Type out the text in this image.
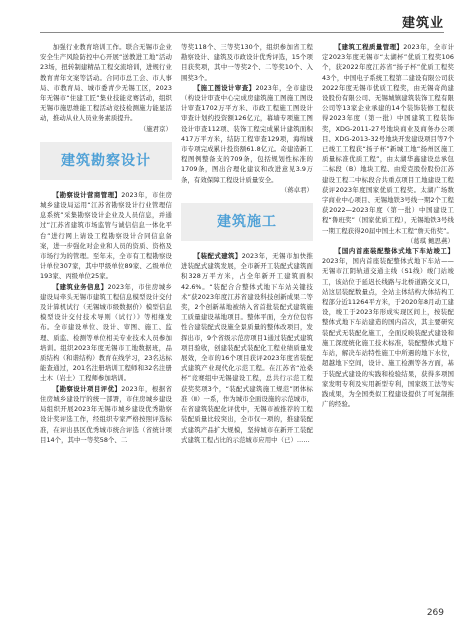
建筑业

加强行业教育培训工作。联合无锡市企业安全生产风险防控中心开展“送教进工地”活动23场，扭转制建精品工程交流培训，进规行业教育青年文案等活动。合同市总工会、市人事局、市教育局、城市委青少无锡工区，2023年无锡市“住建工匠”集业技能竞赛活动，组织无锡市施思维能工程活动竞技检测施力能显活动，推动从业人员业务素质提升。

（施君京）

建筑勘察设计

【勘察设计营商管理】2023年，市住房城乡建设局运用“江苏省勘察设计行业管理信息系统”采集勘察设计企业及人员信息，并通过“江苏省建筑市场监管与诚信信息一体化平台”进行网上请设工程勘察设计合同信息备案，进一步强化对企业和人员的资质、资格及市场行为的管理。至年末，全市有工程勘察设计单位307家，其中甲级单位89家、乙级单位193家、丙级单位25家。

【建筑业务信息】2023年，市住房城乡建设局牵头无锡市建筑工程信息模型设计交付及计算机试行（无锡城市级数据价）模型信息模型设计交付技术导则（试行）》等相继发布。全市建设单位、设计、审图、施工、监理、质监、检测等单位相关专业技术人员参加培训。组织2023年度无锡市工地数据班，品质结构（和谐结构）教育在线学习，23名达标能查通过，201名注册培训工程师和32名注册土木（岩土）工程师参加培训。

【勘察设计项目评优】2023年，根据省住房城乡建设厅的统一部署，市住房城乡建设局组织开展2023年无锡市城乡建设优秀勘察设计奖评选工作，经组织专家严格按照评选标准，在评出县区优秀城市统合评选（省统计项目14个，其中一等奖58个、二

等奖118个、三等奖130个，组织参加省工程勘察设计、建筑及市政设计优秀评选，15个项目获奖项，其中一等奖2个、二等奖10个、入围奖3个。

【施工图设计审查】2023年，全市建设（构设计审查中心完成房建筑施工图施工图设计审查1702万平方米、市政工程施工图设计审查计划约投资额126亿元，幕墙专项施工图设计审查112项、装饰工程完成累计建筑面积417万平方米，结防工程审查129项，海绵城市专项完成累计投资额61.8亿元。奇建造新工程图例整备支的709条，包括规划性标准的1709条，图出合理化建议和改进意见3.9万条，有效保障工程设计质量安全。

（蒋卓君）

建筑施工

【装配式建筑】2023年，无锡市加快推进装配式建筑发展，全市新开工装配式建筑面积328万平方米，占全年新开工建筑面积42.6%。“装配合合整体式地下车站关键技术”获2023年度江苏省建设科技创新成果二等奖，2个创新基地被纳入省首批装配式建筑施工质量建设基地项目。整体平面，全方位包容性合建装配式设施全景质量的整体改项目，发挥出市，9个省级示范房项目1通过装配式建筑项目验收，创建装配式装配化工程业绩质量发展效，全市的16个项目获评2023年度省装配式建筑产业现代化示范工程。在江苏省“沧桑杯”竞赛组中无锡建设工程，总共行示范工程获奖奖项3个，“装配式建筑施工规范”团体标准（Ⅱ）一系，作为城市全面设施的示范城市，在省建筑装配化评优中，无锡市被推荐的工程装配质量比较突出，全市仅一项的，推建装配式建筑产品扩大规模，坚持城市在新开工装配式建筑工程占比的示范城市应用中（已）……

【建筑工程质量管理】2023年，全市计定2023年度无锡市“太湖杯”优质工程奖106个，获2022年度江苏省“扬子杯”优质工程奖43个，中国电子系统工程第二建设有限公司获2022年度无锡市优质工程奖，由无锡奇尚建设股份有限公司、无锡城镇建筑装饰工程有限公司等13家企业承建的14个装饰装修工程获得2023年度（第一批）中国建筑工程装饰奖，XDG-2011-27号地块商业及商务办公项目、XDG-2013-32号地块开发建设项目等7个已竣工工程获“扬子杯”新城工地“扬州区施工质量标准优质工程”，由太湖华鑫建设总承包二标段（B）地块工程、由爱克股份股份江苏建设工程二中标段合共重点项目工地建设工程获评2023年度国家优质工程奖。太湖广场数字商业中心项目、无锡地铁3号线一期2个工程获2022—2023年度（第一批）中国建设工程“鲁班奖”（国家优质工程），无锡地铁3号线一期工程获得20届中国土木工程“詹天佑奖”。

（葛琪 鲍思燕）

【国内首座装配整体式地下车站竣工】2023年，国内首座装配整体式地下车站——无锡市江阴轨道交通主线（S1线）竣门站竣工，该站位于延迟长线路与北桥道路交叉口，站这层装配数量点，全站主体结构大体结构工程部分近11264平方米，于2020年8月动工建设，竣工于2023年形成实现区间上，按装配整体式地下车站建造的国内首次，其主要研究装配式无装配化施工，全面反映装配式建设和施工深度统化施工技术标准，装配整体式地下车站，解决车站特性施工中所遇的地下水位，超越地下空间，设计、施工检测等各方面，基于装配式建设的实践和检验结果，获得多项国家发明专利及实用新型专利，国家级工法等实践成果，为全国类似工程建设提供了可复制推广的经验。

269
